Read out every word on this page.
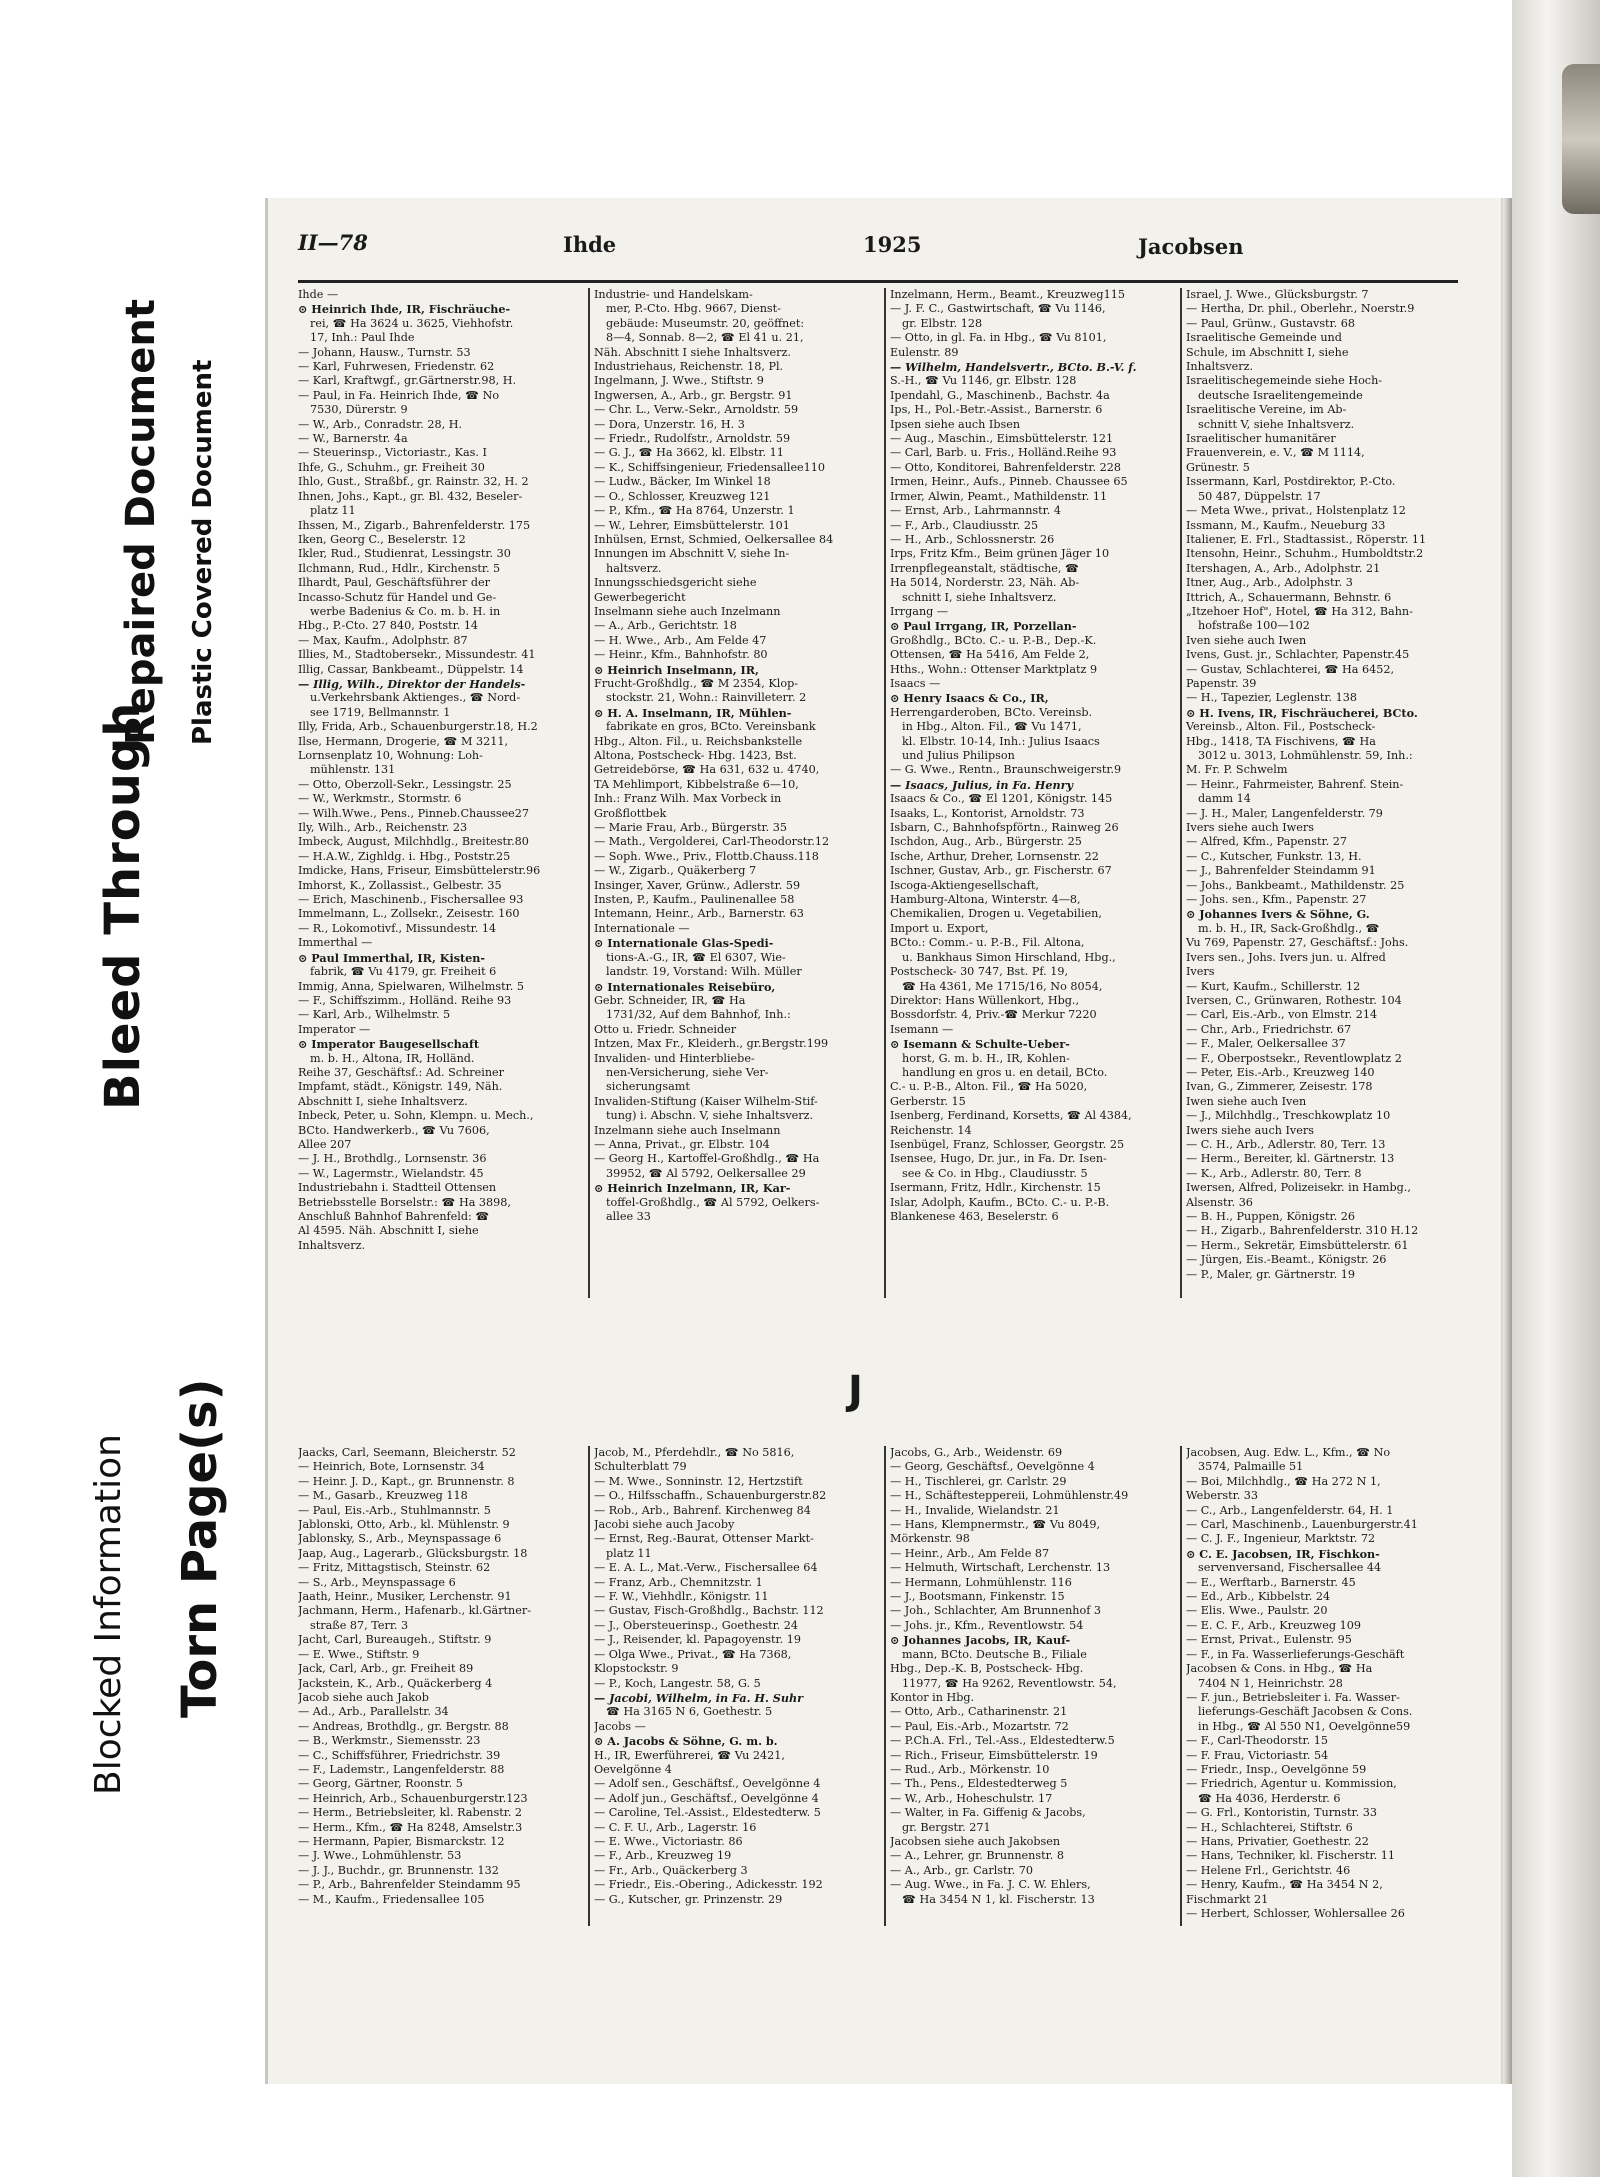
Bleed Through
Repaired Document Plastic Covered Document
Blocked Information Torn Page(s)
II—78	Ihde	1925	Jacobsen

Ihde —

⊙ Heinrich Ihde, IR, Fischräuche-

rei, ☎ Ha 3624 u. 3625, Viehhofstr.

17, Inh.: Paul Ihde

— Johann, Hausw., Turnstr. 53

— Karl, Fuhrwesen, Friedenstr. 62

— Karl, Kraftwgf., gr.Gärtnerstr.98, H.

— Paul, in Fa. Heinrich Ihde, ☎ No

7530, Dürerstr. 9

— W., Arb., Conradstr. 28, H.

— W., Barnerstr. 4a

— Steuerinsp., Victoriastr., Kas. I

Ihfe, G., Schuhm., gr. Freiheit 30

Ihlo, Gust., Straßbf., gr. Rainstr. 32, H. 2

Ihnen, Johs., Kapt., gr. Bl. 432, Beseler-

platz 11

Ihssen, M., Zigarb., Bahrenfelderstr. 175

Iken, Georg C., Beselerstr. 12

Ikler, Rud., Studienrat, Lessingstr. 30

Ilchmann, Rud., Hdlr., Kirchenstr. 5

Ilhardt, Paul, Geschäftsführer der

Incasso-Schutz für Handel und Ge-

werbe Badenius & Co. m. b. H. in

Hbg., P.-Cto. 27 840, Poststr. 14

— Max, Kaufm., Adolphstr. 87

Illies, M., Stadtobersekr., Missundestr. 41

Illig, Cassar, Bankbeamt., Düppelstr. 14

— Illig, Wilh., Direktor der Handels-

u.Verkehrsbank Aktienges., ☎ Nord-

see 1719, Bellmannstr. 1

Illy, Frida, Arb., Schauenburgerstr.18, H.2

Ilse, Hermann, Drogerie, ☎ M 3211,

Lornsenplatz 10, Wohnung: Loh-

mühlenstr. 131

— Otto, Oberzoll-Sekr., Lessingstr. 25

— W., Werkmstr., Stormstr. 6

— Wilh.Wwe., Pens., Pinneb.Chaussee27

Ily, Wilh., Arb., Reichenstr. 23

Imbeck, August, Milchhdlg., Breitestr.80

— H.A.W., Zighldg. i. Hbg., Poststr.25

Imdicke, Hans, Friseur, Eimsbüttelerstr.96

Imhorst, K., Zollassist., Gelbestr. 35

— Erich, Maschinenb., Fischersallee 93

Immelmann, L., Zollsekr., Zeisestr. 160

— R., Lokomotivf., Missundestr. 14

Immerthal —

⊙ Paul Immerthal, IR, Kisten-

fabrik, ☎ Vu 4179, gr. Freiheit 6

Immig, Anna, Spielwaren, Wilhelmstr. 5

— F., Schiffszimm., Holländ. Reihe 93

— Karl, Arb., Wilhelmstr. 5

Imperator —

⊙ Imperator Baugesellschaft

m. b. H., Altona, IR, Holländ.

Reihe 37, Geschäftsf.: Ad. Schreiner

Impfamt, städt., Königstr. 149, Näh.

Abschnitt I, siehe Inhaltsverz.

Inbeck, Peter, u. Sohn, Klempn. u. Mech.,

BCto. Handwerkerb., ☎ Vu 7606,

Allee 207

— J. H., Brothdlg., Lornsenstr. 36

— W., Lagermstr., Wielandstr. 45

Industriebahn i. Stadtteil Ottensen

Betriebsstelle Borselstr.: ☎ Ha 3898,

Anschluß Bahnhof Bahrenfeld: ☎

Al 4595. Näh. Abschnitt I, siehe

Inhaltsverz.

Industrie- und Handelskam-

mer, P.-Cto. Hbg. 9667, Dienst-

gebäude: Museumstr. 20, geöffnet:

8—4, Sonnab. 8—2, ☎ El 41 u. 21,

Näh. Abschnitt I siehe Inhaltsverz.

Industriehaus, Reichenstr. 18, Pl.

Ingelmann, J. Wwe., Stiftstr. 9

Ingwersen, A., Arb., gr. Bergstr. 91

— Chr. L., Verw.-Sekr., Arnoldstr. 59

— Dora, Unzerstr. 16, H. 3

— Friedr., Rudolfstr., Arnoldstr. 59

— G. J., ☎ Ha 3662, kl. Elbstr. 11

— K., Schiffsingenieur, Friedensallee110

— Ludw., Bäcker, Im Winkel 18

— O., Schlosser, Kreuzweg 121

— P., Kfm., ☎ Ha 8764, Unzerstr. 1

— W., Lehrer, Eimsbüttelerstr. 101

Inhülsen, Ernst, Schmied, Oelkersallee 84

Innungen im Abschnitt V, siehe In-

haltsverz.

Innungsschiedsgericht siehe

Gewerbegericht

Inselmann siehe auch Inzelmann

— A., Arb., Gerichtstr. 18

— H. Wwe., Arb., Am Felde 47

— Heinr., Kfm., Bahnhofstr. 80

⊙ Heinrich Inselmann, IR,

Frucht-Großhdlg., ☎ M 2354, Klop-

stockstr. 21, Wohn.: Rainvilleterr. 2

⊙ H. A. Inselmann, IR, Mühlen-

fabrikate en gros, BCto. Vereinsbank

Hbg., Alton. Fil., u. Reichsbankstelle

Altona, Postscheck- Hbg. 1423, Bst.

Getreidebörse, ☎ Ha 631, 632 u. 4740,

TA Mehlimport, Kibbelstraße 6—10,

Inh.: Franz Wilh. Max Vorbeck in

Großflottbek

— Marie Frau, Arb., Bürgerstr. 35

— Math., Vergolderei, Carl-Theodorstr.12

— Soph. Wwe., Priv., Flottb.Chauss.118

— W., Zigarb., Quäkerberg 7

Insinger, Xaver, Grünw., Adlerstr. 59

Insten, P., Kaufm., Paulinenallee 58

Intemann, Heinr., Arb., Barnerstr. 63

Internationale —

⊙ Internationale Glas-Spedi-

tions-A.-G., IR, ☎ El 6307, Wie-

landstr. 19, Vorstand: Wilh. Müller

⊙ Internationales Reisebüro,

Gebr. Schneider, IR, ☎ Ha

1731/32, Auf dem Bahnhof, Inh.:

Otto u. Friedr. Schneider

Intzen, Max Fr., Kleiderh., gr.Bergstr.199

Invaliden- und Hinterbliebe-

nen-Versicherung, siehe Ver-

sicherungsamt

Invaliden-Stiftung (Kaiser Wilhelm-Stif-

tung) i. Abschn. V, siehe Inhaltsverz.

Inzelmann siehe auch Inselmann

— Anna, Privat., gr. Elbstr. 104

— Georg H., Kartoffel-Großhdlg., ☎ Ha

39952, ☎ Al 5792, Oelkersallee 29

⊙ Heinrich Inzelmann, IR, Kar-

toffel-Großhdlg., ☎ Al 5792, Oelkers-

allee 33

Inzelmann, Herm., Beamt., Kreuzweg115

— J. F. C., Gastwirtschaft, ☎ Vu 1146,

gr. Elbstr. 128

— Otto, in gl. Fa. in Hbg., ☎ Vu 8101,

Eulenstr. 89

— Wilhelm, Handelsvertr., BCto. B.-V. f.

S.-H., ☎ Vu 1146, gr. Elbstr. 128

Ipendahl, G., Maschinenb., Bachstr. 4a

Ips, H., Pol.-Betr.-Assist., Barnerstr. 6

Ipsen siehe auch Ibsen

— Aug., Maschin., Eimsbüttelerstr. 121

— Carl, Barb. u. Fris., Holländ.Reihe 93

— Otto, Konditorei, Bahrenfelderstr. 228

Irmen, Heinr., Aufs., Pinneb. Chaussee 65

Irmer, Alwin, Peamt., Mathildenstr. 11

— Ernst, Arb., Lahrmannstr. 4

— F., Arb., Claudiusstr. 25

— H., Arb., Schlossnerstr. 26

Irps, Fritz Kfm., Beim grünen Jäger 10

Irrenpflegeanstalt, städtische, ☎

Ha 5014, Norderstr. 23, Näh. Ab-

schnitt I, siehe Inhaltsverz.

Irrgang —

⊙ Paul Irrgang, IR, Porzellan-

Großhdlg., BCto. C.- u. P.-B., Dep.-K.

Ottensen, ☎ Ha 5416, Am Felde 2,

Hths., Wohn.: Ottenser Marktplatz 9

Isaacs —

⊙ Henry Isaacs & Co., IR,

Herrengarderoben, BCto. Vereinsb.

in Hbg., Alton. Fil., ☎ Vu 1471,

kl. Elbstr. 10-14, Inh.: Julius Isaacs

und Julius Philipson

— G. Wwe., Rentn., Braunschweigerstr.9

— Isaacs, Julius, in Fa. Henry

Isaacs & Co., ☎ El 1201, Königstr. 145

Isaaks, L., Kontorist, Arnoldstr. 73

Isbarn, C., Bahnhofspförtn., Rainweg 26

Ischdon, Aug., Arb., Bürgerstr. 25

Ische, Arthur, Dreher, Lornsenstr. 22

Ischner, Gustav, Arb., gr. Fischerstr. 67

Iscoga-Aktiengesellschaft,

Hamburg-Altona, Winterstr. 4—8,

Chemikalien, Drogen u. Vegetabilien,

Import u. Export,

BCto.: Comm.- u. P.-B., Fil. Altona,

u. Bankhaus Simon Hirschland, Hbg.,

Postscheck- 30 747, Bst. Pf. 19,

☎ Ha 4361, Me 1715/16, No 8054,

Direktor: Hans Wüllenkort, Hbg.,

Bossdorfstr. 4, Priv.-☎ Merkur 7220

Isemann —

⊙ Isemann & Schulte-Ueber-

horst, G. m. b. H., IR, Kohlen-

handlung en gros u. en detail, BCto.

C.- u. P.-B., Alton. Fil., ☎ Ha 5020,

Gerberstr. 15

Isenberg, Ferdinand, Korsetts, ☎ Al 4384,

Reichenstr. 14

Isenbügel, Franz, Schlosser, Georgstr. 25

Isensee, Hugo, Dr. jur., in Fa. Dr. Isen-

see & Co. in Hbg., Claudiusstr. 5

Isermann, Fritz, Hdlr., Kirchenstr. 15

Islar, Adolph, Kaufm., BCto. C.- u. P.-B.

Blankenese 463, Beselerstr. 6

Israel, J. Wwe., Glücksburgstr. 7

— Hertha, Dr. phil., Oberlehr., Noerstr.9

— Paul, Grünw., Gustavstr. 68

Israelitische Gemeinde und

Schule, im Abschnitt I, siehe

Inhaltsverz.

Israelitischegemeinde siehe Hoch-

deutsche Israelitengemeinde

Israelitische Vereine, im Ab-

schnitt V, siehe Inhaltsverz.

Israelitischer humanitärer

Frauenverein, e. V., ☎ M 1114,

Grünestr. 5

Issermann, Karl, Postdirektor, P.-Cto.

50 487, Düppelstr. 17

— Meta Wwe., privat., Holstenplatz 12

Issmann, M., Kaufm., Neueburg 33

Italiener, E. Frl., Stadtassist., Röperstr. 11

Itensohn, Heinr., Schuhm., Humboldtstr.2

Itershagen, A., Arb., Adolphstr. 21

Itner, Aug., Arb., Adolphstr. 3

Ittrich, A., Schauermann, Behnstr. 6

„Itzehoer Hof", Hotel, ☎ Ha 312, Bahn-

hofstraße 100—102

Iven siehe auch Iwen

Ivens, Gust. jr., Schlachter, Papenstr.45

— Gustav, Schlachterei, ☎ Ha 6452,

Papenstr. 39

— H., Tapezier, Leglenstr. 138

⊙ H. Ivens, IR, Fischräucherei, BCto.

Vereinsb., Alton. Fil., Postscheck-

Hbg., 1418, TA Fischivens, ☎ Ha

3012 u. 3013, Lohmühlenstr. 59, Inh.:

M. Fr. P. Schwelm

— Heinr., Fahrmeister, Bahrenf. Stein-

damm 14

— J. H., Maler, Langenfelderstr. 79

Ivers siehe auch Iwers

— Alfred, Kfm., Papenstr. 27

— C., Kutscher, Funkstr. 13, H.

— J., Bahrenfelder Steindamm 91

— Johs., Bankbeamt., Mathildenstr. 25

— Johs. sen., Kfm., Papenstr. 27

⊙ Johannes Ivers & Söhne, G.

m. b. H., IR, Sack-Großhdlg., ☎

Vu 769, Papenstr. 27, Geschäftsf.: Johs.

Ivers sen., Johs. Ivers jun. u. Alfred

Ivers

— Kurt, Kaufm., Schillerstr. 12

Iversen, C., Grünwaren, Rothestr. 104

— Carl, Eis.-Arb., von Elmstr. 214

— Chr., Arb., Friedrichstr. 67

— F., Maler, Oelkersallee 37

— F., Oberpostsekr., Reventlowplatz 2

— Peter, Eis.-Arb., Kreuzweg 140

Ivan, G., Zimmerer, Zeisestr. 178

Iwen siehe auch Iven

— J., Milchhdlg., Treschkowplatz 10

Iwers siehe auch Ivers

— C. H., Arb., Adlerstr. 80, Terr. 13

— Herm., Bereiter, kl. Gärtnerstr. 13

— K., Arb., Adlerstr. 80, Terr. 8

Iwersen, Alfred, Polizeisekr. in Hambg.,

Alsenstr. 36

— B. H., Puppen, Königstr. 26

— H., Zigarb., Bahrenfelderstr. 310 H.12

— Herm., Sekretär, Eimsbüttelerstr. 61

— Jürgen, Eis.-Beamt., Königstr. 26

— P., Maler, gr. Gärtnerstr. 19

Jaacks, Carl, Seemann, Bleicherstr. 52

— Heinrich, Bote, Lornsenstr. 34

— Heinr. J. D., Kapt., gr. Brunnenstr. 8

— M., Gasarb., Kreuzweg 118

— Paul, Eis.-Arb., Stuhlmannstr. 5

Jablonski, Otto, Arb., kl. Mühlenstr. 9

Jablonsky, S., Arb., Meynspassage 6

Jaap, Aug., Lagerarb., Glücksburgstr. 18

— Fritz, Mittagstisch, Steinstr. 62

— S., Arb., Meynspassage 6

Jaath, Heinr., Musiker, Lerchenstr. 91

Jachmann, Herm., Hafenarb., kl.Gärtner-

straße 87, Terr. 3

Jacht, Carl, Bureaugeh., Stiftstr. 9

— E. Wwe., Stiftstr. 9

Jack, Carl, Arb., gr. Freiheit 89

Jackstein, K., Arb., Quäckerberg 4

Jacob siehe auch Jakob

— Ad., Arb., Parallelstr. 34

— Andreas, Brothdlg., gr. Bergstr. 88

— B., Werkmstr., Siemensstr. 23

— C., Schiffsführer, Friedrichstr. 39

— F., Lademstr., Langenfelderstr. 88

— Georg, Gärtner, Roonstr. 5

— Heinrich, Arb., Schauenburgerstr.123

— Herm., Betriebsleiter, kl. Rabenstr. 2

— Herm., Kfm., ☎ Ha 8248, Amselstr.3

— Hermann, Papier, Bismarckstr. 12

— J. Wwe., Lohmühlenstr. 53

— J. J., Buchdr., gr. Brunnenstr. 132

— P., Arb., Bahrenfelder Steindamm 95

— M., Kaufm., Friedensallee 105

Jacob, M., Pferdehdlr., ☎ No 5816,

Schulterblatt 79

— M. Wwe., Sonninstr. 12, Hertzstift

— O., Hilfsschaffn., Schauenburgerstr.82

— Rob., Arb., Bahrenf. Kirchenweg 84

Jacobi siehe auch Jacoby

— Ernst, Reg.-Baurat, Ottenser Markt-

platz 11

— E. A. L., Mat.-Verw., Fischersallee 64

— Franz, Arb., Chemnitzstr. 1

— F. W., Viehhdlr., Königstr. 11

— Gustav, Fisch-Großhdlg., Bachstr. 112

— J., Obersteuerinsp., Goethestr. 24

— J., Reisender, kl. Papagoyenstr. 19

— Olga Wwe., Privat., ☎ Ha 7368,

Klopstockstr. 9

— P., Koch, Langestr. 58, G. 5

— Jacobi, Wilhelm, in Fa. H. Suhr

☎ Ha 3165 N 6, Goethestr. 5

Jacobs —

⊙ A. Jacobs & Söhne, G. m. b.

H., IR, Ewerführerei, ☎ Vu 2421,

Oevelgönne 4

— Adolf sen., Geschäftsf., Oevelgönne 4

— Adolf jun., Geschäftsf., Oevelgönne 4

— Caroline, Tel.-Assist., Eldestedterw. 5

— C. F. U., Arb., Lagerstr. 16

— E. Wwe., Victoriastr. 86

— F., Arb., Kreuzweg 19

— Fr., Arb., Quäckerberg 3

— Friedr., Eis.-Obering., Adickesstr. 192

— G., Kutscher, gr. Prinzenstr. 29

Jacobs, G., Arb., Weidenstr. 69

— Georg, Geschäftsf., Oevelgönne 4

— H., Tischlerei, gr. Carlstr. 29

— H., Schäftesteppereii, Lohmühlenstr.49

— H., Invalide, Wielandstr. 21

— Hans, Klempnermstr., ☎ Vu 8049,

Mörkenstr. 98

— Heinr., Arb., Am Felde 87

— Helmuth, Wirtschaft, Lerchenstr. 13

— Hermann, Lohmühlenstr. 116

— J., Bootsmann, Finkenstr. 15

— Joh., Schlachter, Am Brunnenhof 3

— Johs. jr., Kfm., Reventlowstr. 54

⊙ Johannes Jacobs, IR, Kauf-

mann, BCto. Deutsche B., Filiale

Hbg., Dep.-K. B, Postscheck- Hbg.

11977, ☎ Ha 9262, Reventlowstr. 54,

Kontor in Hbg.

— Otto, Arb., Catharinenstr. 21

— Paul, Eis.-Arb., Mozartstr. 72

— P.Ch.A. Frl., Tel.-Ass., Eldestedterw.5

— Rich., Friseur, Eimsbüttelerstr. 19

— Rud., Arb., Mörkenstr. 10

— Th., Pens., Eldestedterweg 5

— W., Arb., Hoheschulstr. 17

— Walter, in Fa. Giffenig & Jacobs,

gr. Bergstr. 271

Jacobsen siehe auch Jakobsen

— A., Lehrer, gr. Brunnenstr. 8

— A., Arb., gr. Carlstr. 70

— Aug. Wwe., in Fa. J. C. W. Ehlers,

☎ Ha 3454 N 1, kl. Fischerstr. 13

Jacobsen, Aug. Edw. L., Kfm., ☎ No

3574, Palmaille 51

— Boi, Milchhdlg., ☎ Ha 272 N 1,

Weberstr. 33

— C., Arb., Langenfelderstr. 64, H. 1

— Carl, Maschinenb., Lauenburgerstr.41

— C. J. F., Ingenieur, Marktstr. 72

⊙ C. E. Jacobsen, IR, Fischkon-

servenversand, Fischersallee 44

— E., Werftarb., Barnerstr. 45

— Ed., Arb., Kibbelstr. 24

— Elis. Wwe., Paulstr. 20

— E. C. F., Arb., Kreuzweg 109

— Ernst, Privat., Eulenstr. 95

— F., in Fa. Wasserlieferungs-Geschäft

Jacobsen & Cons. in Hbg., ☎ Ha

7404 N 1, Heinrichstr. 28

— F. jun., Betriebsleiter i. Fa. Wasser-

lieferungs-Geschäft Jacobsen & Cons.

in Hbg., ☎ Al 550 N1, Oevelgönne59

— F., Carl-Theodorstr. 15

— F. Frau, Victoriastr. 54

— Friedr., Insp., Oevelgönne 59

— Friedrich, Agentur u. Kommission,

☎ Ha 4036, Herderstr. 6

— G. Frl., Kontoristin, Turnstr. 33

— H., Schlachterei, Stiftstr. 6

— Hans, Privatier, Goethestr. 22

— Hans, Techniker, kl. Fischerstr. 11

— Helene Frl., Gerichtstr. 46

— Henry, Kaufm., ☎ Ha 3454 N 2,

Fischmarkt 21

— Herbert, Schlosser, Wohlersallee 26

J
